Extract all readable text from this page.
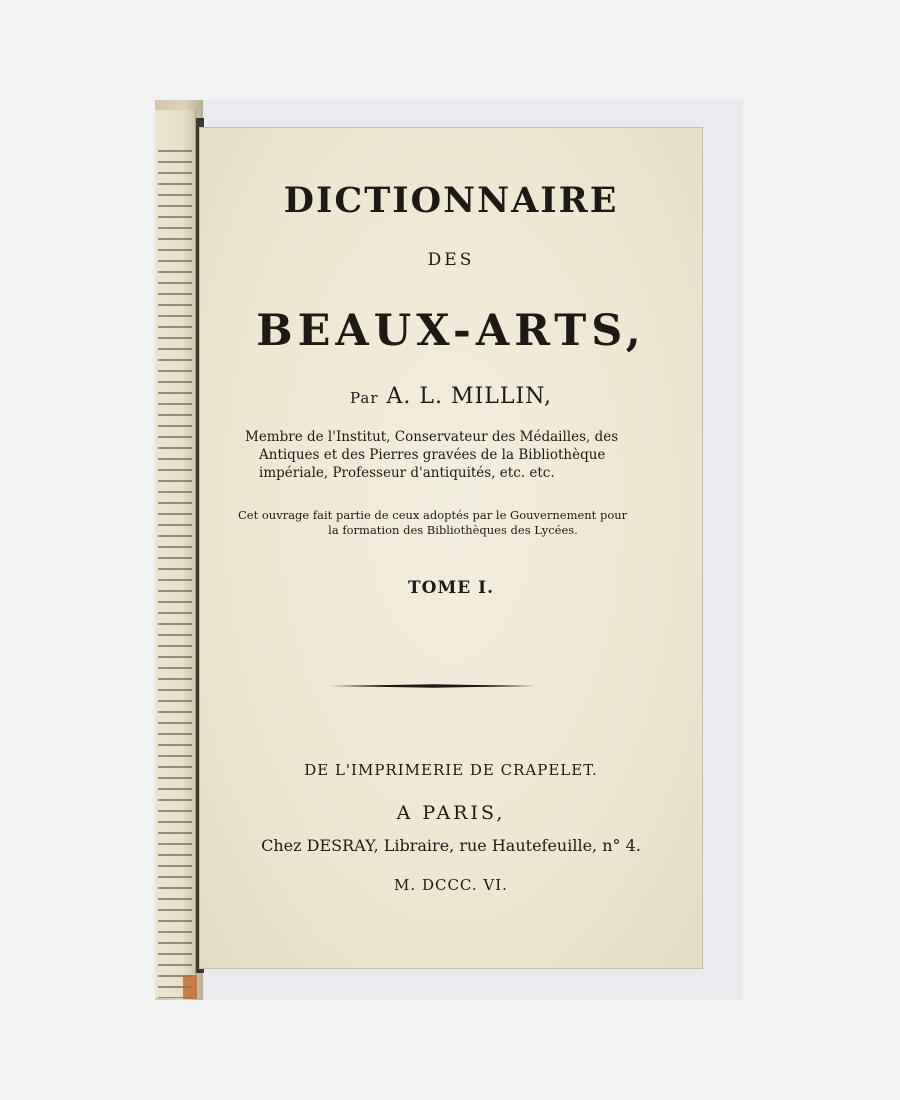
DICTIONNAIRE
DES
BEAUX-ARTS,
Par A. L. MILLIN,
Membre de l'Institut, Conservateur des Médailles, des
Antiques et des Pierres gravées de la Bibliothèque
impériale, Professeur d'antiquités, etc. etc.
Cet ouvrage fait partie de ceux adoptés par le Gouvernement pour
la formation des Bibliothèques des Lycées.
TOME I.
DE L'IMPRIMERIE DE CRAPELET.
A PARIS,
Chez DESRAY, Libraire, rue Hautefeuille, n° 4.
M. DCCC. VI.
